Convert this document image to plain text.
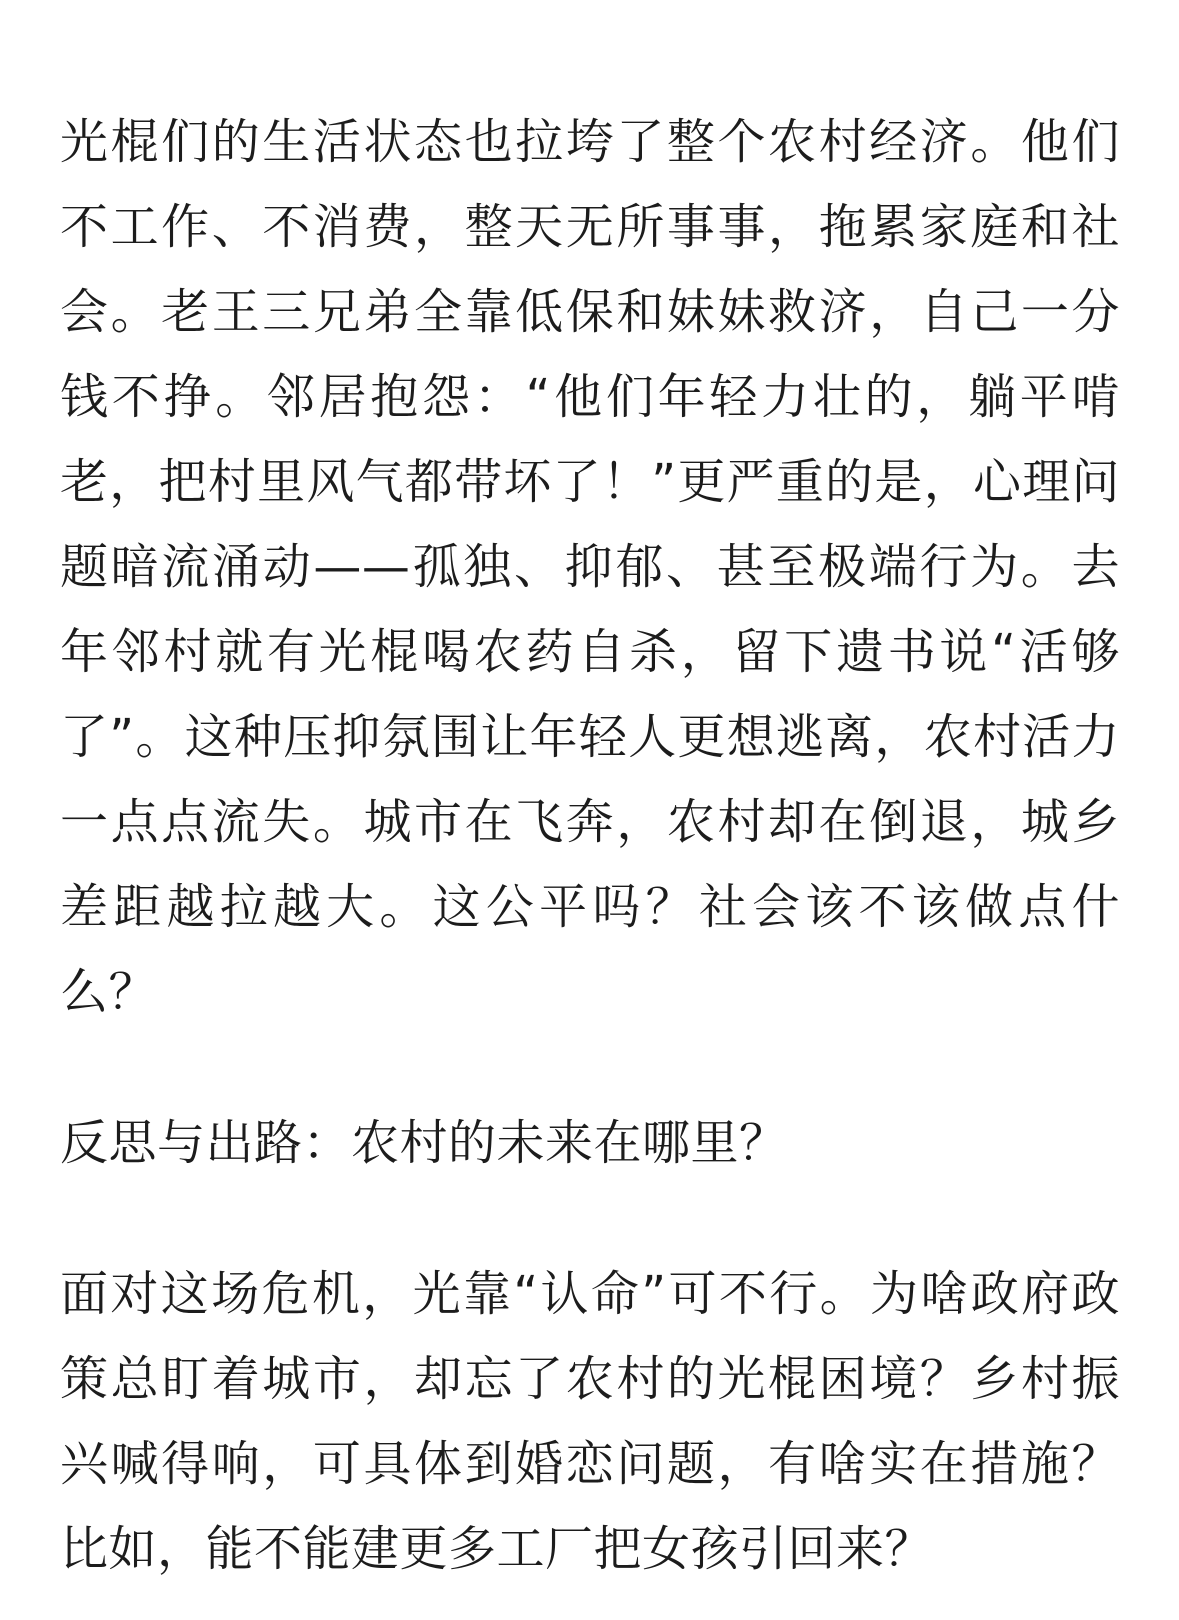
光棍们的生活状态也拉垮了整个农村经济。他们不工作、不消费，整天无所事事，拖累家庭和社会。老王三兄弟全靠低保和妹妹救济，自己一分钱不挣。邻居抱怨：“他们年轻力壮的，躺平啃老，把村里风气都带坏了！”更严重的是，心理问题暗流涌动——孤独、抑郁、甚至极端行为。去年邻村就有光棍喝农药自杀，留下遗书说“活够了”。这种压抑氛围让年轻人更想逃离，农村活力一点点流失。城市在飞奔，农村却在倒退，城乡差距越拉越大。这公平吗？社会该不该做点什么？

反思与出路：农村的未来在哪里？

面对这场危机，光靠“认命”可不行。为啥政府政策总盯着城市，却忘了农村的光棍困境？乡村振兴喊得响，可具体到婚恋问题，有啥实在措施？比如，能不能建更多工厂把女孩引回来？
